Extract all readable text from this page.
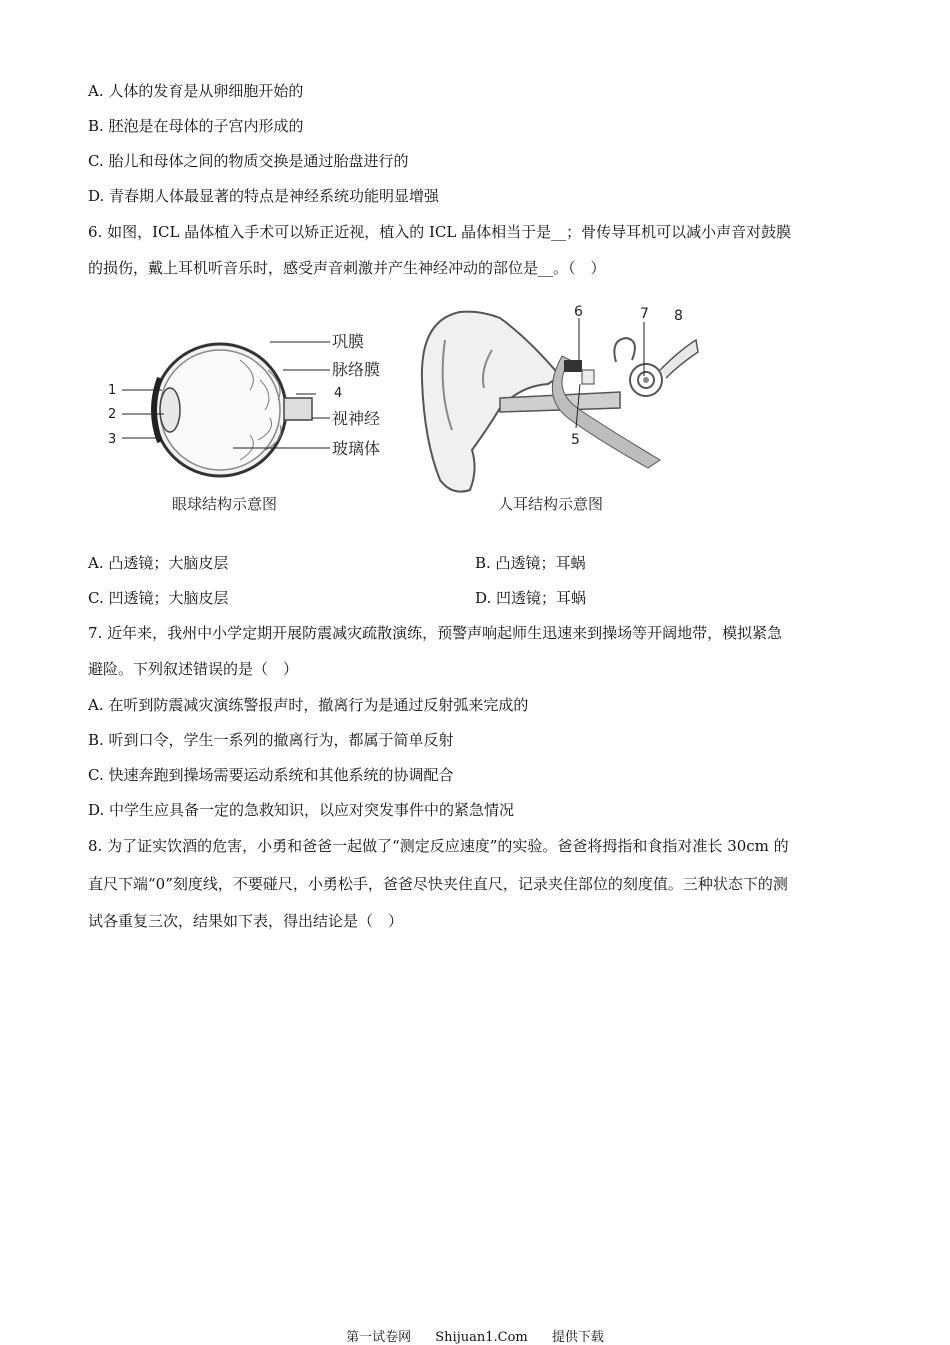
A. 人体的发育是从卵细胞开始的
B. 胚泡是在母体的子宫内形成的
C. 胎儿和母体之间的物质交换是通过胎盘进行的
D. 青春期人体最显著的特点是神经系统功能明显增强
6. 如图，ICL 晶体植入手术可以矫正近视，植入的 ICL 晶体相当于是__；骨传导耳机可以减小声音对鼓膜
的损伤，戴上耳机听音乐时，感受声音刺激并产生神经冲动的部位是__。（　）
巩膜
脉络膜
4
视神经
玻璃体
1
2
3
6	7 8
5
眼球结构示意图	人耳结构示意图
A. 凸透镜；大脑皮层	B. 凸透镜；耳蜗
C. 凹透镜；大脑皮层	D. 凹透镜；耳蜗
7. 近年来，我州中小学定期开展防震减灾疏散演练，预警声响起师生迅速来到操场等开阔地带，模拟紧急
避险。下列叙述错误的是（　）
A. 在听到防震减灾演练警报声时，撤离行为是通过反射弧来完成的
B. 听到口令，学生一系列的撤离行为，都属于简单反射
C. 快速奔跑到操场需要运动系统和其他系统的协调配合
D. 中学生应具备一定的急救知识，以应对突发事件中的紧急情况
8. 为了证实饮酒的危害，小勇和爸爸一起做了“测定反应速度”的实验。爸爸将拇指和食指对准长 30cm 的
直尺下端“0”刻度线，不要碰尺，小勇松手，爸爸尽快夹住直尺，记录夹住部位的刻度值。三种状态下的测
试各重复三次，结果如下表，得出结论是（　）
第一试卷网 Shijuan1.Com 提供下载
